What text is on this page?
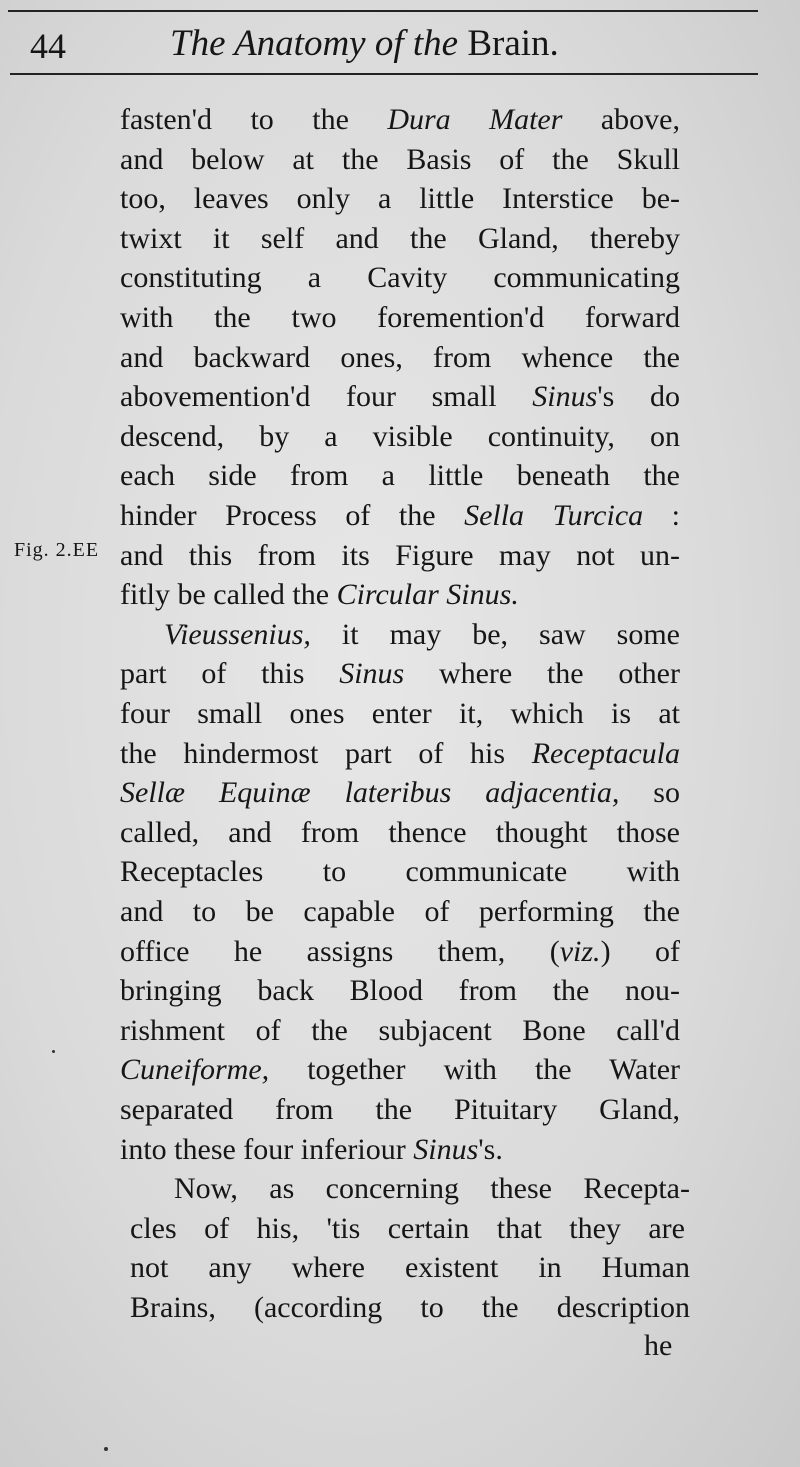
44	The Anatomy of the Brain.
Fig. 2.EE
fasten'd to the Dura Mater above,
and below at the Basis of the Skull
too, leaves only a little Interstice be-
twixt it self and the Gland, thereby
constituting a Cavity communicating
with the two foremention'd forward
and backward ones, from whence the
abovemention'd four small Sinus's do
descend, by a visible continuity, on
each side from a little beneath the
hinder Process of the Sella Turcica :
and this from its Figure may not un-
fitly be called the Circular Sinus.
Vieussenius, it may be, saw some
part of this Sinus where the other
four small ones enter it, which is at
the hindermost part of his Receptacula
Sellæ Equinæ lateribus adjacentia, so
called, and from thence thought those
Receptacles to communicate with
and to be capable of performing the
office he assigns them, (viz.) of
bringing back Blood from the nou-
rishment of the subjacent Bone call'd
Cuneiforme, together with the Water
separated from the Pituitary Gland,
into these four inferiour Sinus's.
Now, as concerning these Recepta-
cles of his, 'tis certain that they are
not any where existent in Human
Brains, (according to the description
he
